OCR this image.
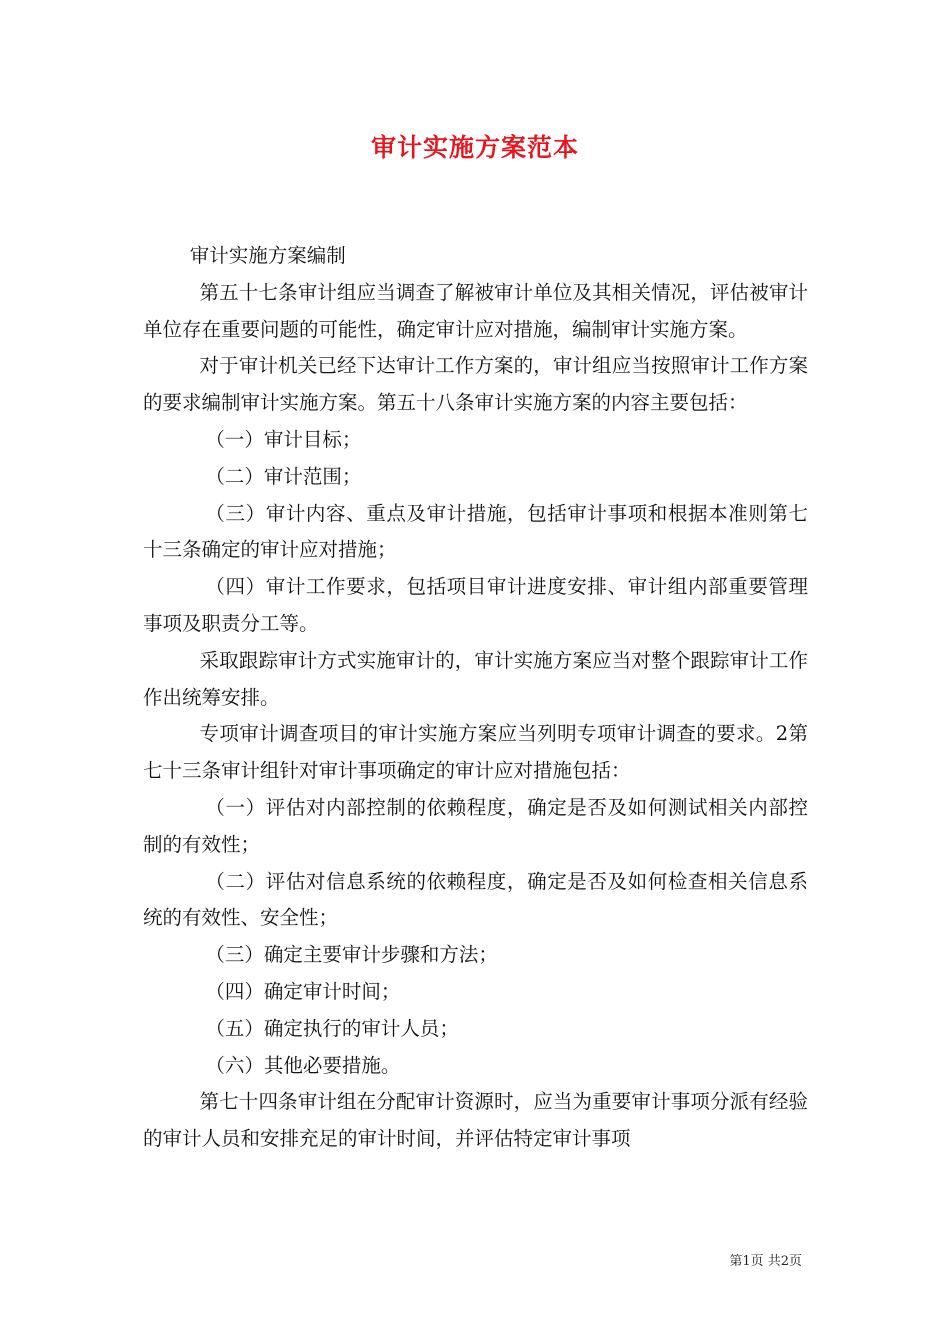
审计实施方案范本

审计实施方案编制

第五十七条审计组应当调查了解被审计单位及其相关情况，评估被审计单位存在重要问题的可能性，确定审计应对措施，编制审计实施方案。

对于审计机关已经下达审计工作方案的，审计组应当按照审计工作方案的要求编制审计实施方案。第五十八条审计实施方案的内容主要包括：

（一）审计目标；

（二）审计范围；

（三）审计内容、重点及审计措施，包括审计事项和根据本准则第七十三条确定的审计应对措施；

（四）审计工作要求，包括项目审计进度安排、审计组内部重要管理事项及职责分工等。

采取跟踪审计方式实施审计的，审计实施方案应当对整个跟踪审计工作作出统筹安排。

专项审计调查项目的审计实施方案应当列明专项审计调查的要求。2第七十三条审计组针对审计事项确定的审计应对措施包括：

（一）评估对内部控制的依赖程度，确定是否及如何测试相关内部控制的有效性；

（二）评估对信息系统的依赖程度，确定是否及如何检查相关信息系统的有效性、安全性；

（三）确定主要审计步骤和方法；

（四）确定审计时间；

（五）确定执行的审计人员；

（六）其他必要措施。

第七十四条审计组在分配审计资源时，应当为重要审计事项分派有经验的审计人员和安排充足的审计时间，并评估特定审计事项

第1页 共2页
